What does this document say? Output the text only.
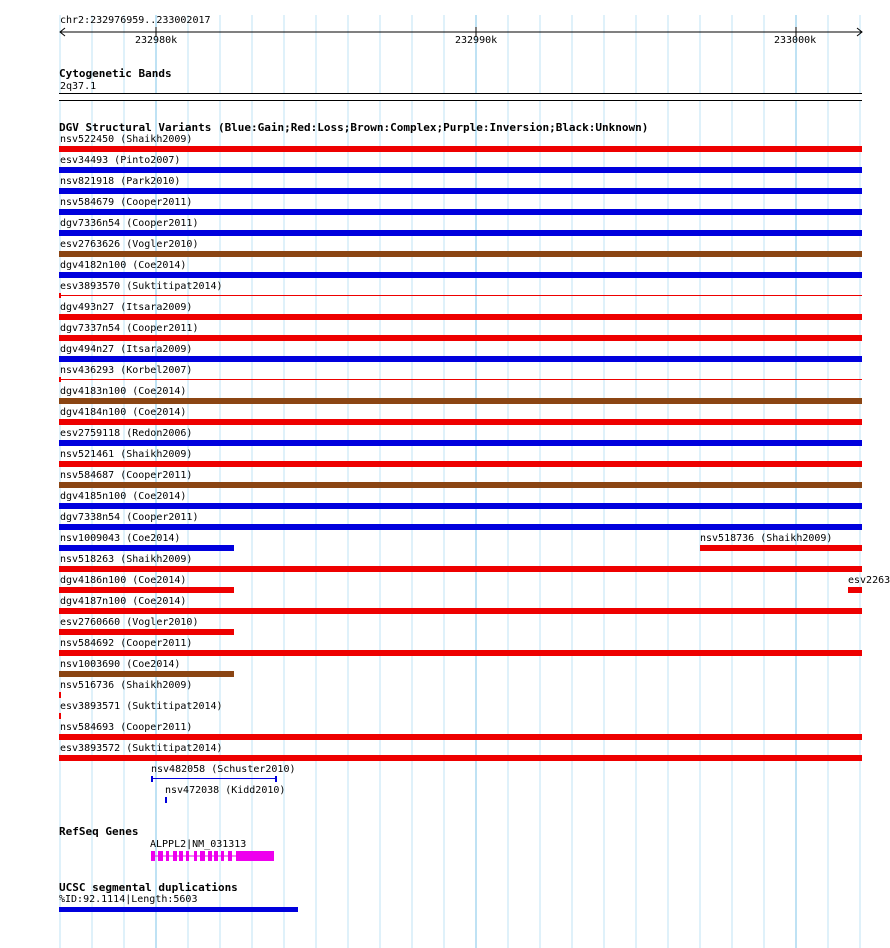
chr2:232976959..233002017
232980k	232990k	233000k
Cytogenetic Bands
2q37.1
DGV Structural Variants (Blue:Gain;Red:Loss;Brown:Complex;Purple:Inversion;Black:Unknown)
nsv522450 (Shaikh2009)
esv34493 (Pinto2007)
nsv821918 (Park2010)
nsv584679 (Cooper2011)
dgv7336n54 (Cooper2011)
esv2763626 (Vogler2010)
dgv4182n100 (Coe2014)
esv3893570 (Suktitipat2014)
dgv493n27 (Itsara2009)
dgv7337n54 (Cooper2011)
dgv494n27 (Itsara2009)
nsv436293 (Korbel2007)
dgv4183n100 (Coe2014)
dgv4184n100 (Coe2014)
esv2759118 (Redon2006)
nsv521461 (Shaikh2009)
nsv584687 (Cooper2011)
dgv4185n100 (Coe2014)
dgv7338n54 (Cooper2011)
nsv1009043 (Coe2014)	nsv518736 (Shaikh2009)
nsv518263 (Shaikh2009)
dgv4186n100 (Coe2014)	esv2263
dgv4187n100 (Coe2014)
esv2760660 (Vogler2010)
nsv584692 (Cooper2011)
nsv1003690 (Coe2014)
nsv516736 (Shaikh2009)
esv3893571 (Suktitipat2014)
nsv584693 (Cooper2011)
esv3893572 (Suktitipat2014)
nsv482058 (Schuster2010)
nsv472038 (Kidd2010)
RefSeq Genes
ALPPL2|NM_031313
UCSC segmental duplications
%ID:92.1114|Length:5603
